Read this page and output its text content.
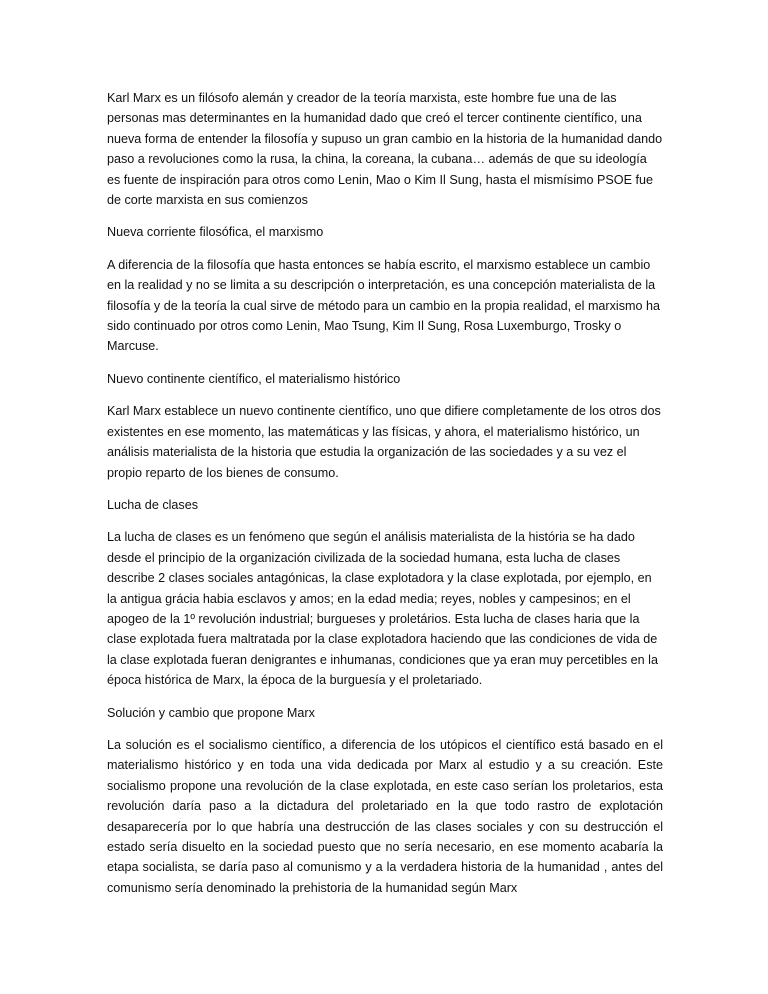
Karl Marx es un filósofo alemán y creador de la teoría marxista, este hombre fue una de las personas mas determinantes en la humanidad dado que creó el tercer continente científico, una nueva forma de entender la filosofía y supuso un gran cambio en la historia de la humanidad dando paso a revoluciones como la rusa, la china, la coreana, la cubana… además de que su ideología es fuente de inspiración para otros como Lenin, Mao o Kim Il Sung, hasta el mismísimo PSOE fue de corte marxista en sus comienzos

Nueva corriente filosófica, el marxismo

A diferencia de la filosofía que hasta entonces se había escrito, el marxismo establece un cambio en la realidad y no se limita a su descripción o interpretación, es una concepción materialista de la filosofía y de la teoría la cual sirve de método para un cambio en la propia realidad, el marxismo ha sido continuado por otros como Lenin, Mao Tsung, Kim Il Sung, Rosa Luxemburgo, Trosky o Marcuse.

Nuevo continente científico, el materialismo histórico

Karl Marx establece un nuevo continente científico, uno que difiere completamente de los otros dos existentes en ese momento, las matemáticas y las físicas, y ahora, el materialismo histórico, un análisis materialista de la historia que estudia la organización de las sociedades y a su vez el propio reparto de los bienes de consumo.

Lucha de clases

La lucha de clases es un fenómeno que según el análisis materialista de la história se ha dado desde el principio de la organización civilizada de la sociedad humana, esta lucha de clases describe 2 clases sociales antagónicas, la clase explotadora y la clase explotada, por ejemplo, en la antigua grácia habia esclavos y amos; en la edad media; reyes, nobles y campesinos; en el apogeo de la 1º revolución industrial; burgueses y proletários. Esta lucha de clases haria que la clase explotada fuera maltratada por la clase explotadora haciendo que las condiciones de vida de la clase explotada fueran denigrantes e inhumanas, condiciones que ya eran muy percetibles en la época histórica de Marx, la época de la burguesía y el proletariado.

Solución y cambio que propone Marx

La solución es el socialismo científico, a diferencia de los utópicos el científico está basado en el materialismo histórico y en toda una vida dedicada por Marx al estudio y a su creación. Este socialismo propone una revolución de la clase explotada, en este caso serían los proletarios, esta revolución daría paso a la dictadura del proletariado en la que todo rastro de explotación desaparecería por lo que habría una destrucción de las clases sociales y con su destrucción el estado sería disuelto en la sociedad puesto que no sería necesario, en ese momento acabaría la etapa socialista, se daría paso al comunismo y a la verdadera historia de la humanidad , antes del comunismo sería denominado la prehistoria de la humanidad según Marx
